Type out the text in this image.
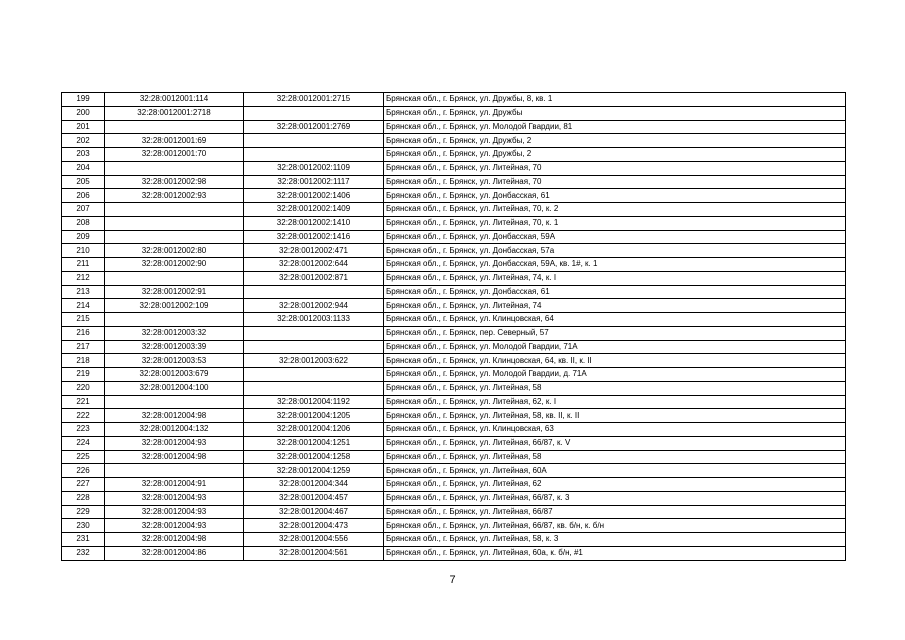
199	32:28:0012001:114	32:28:0012001:2715	Брянская обл., г. Брянск, ул. Дружбы, 8, кв. 1
200	32:28:0012001:2718		Брянская обл., г. Брянск, ул. Дружбы
201		32:28:0012001:2769	Брянская обл., г. Брянск, ул. Молодой Гвардии, 81
202	32:28:0012001:69		Брянская обл., г. Брянск, ул. Дружбы, 2
203	32:28:0012001:70		Брянская обл., г. Брянск, ул. Дружбы, 2
204		32:28:0012002:1109	Брянская обл., г. Брянск, ул. Литейная, 70
205	32:28:0012002:98	32:28:0012002:1117	Брянская обл., г. Брянск, ул. Литейная, 70
206	32:28:0012002:93	32:28:0012002:1406	Брянская обл., г. Брянск, ул. Донбасская, 61
207		32:28:0012002:1409	Брянская обл., г. Брянск, ул. Литейная, 70, к. 2
208		32:28:0012002:1410	Брянская обл., г. Брянск, ул. Литейная, 70, к. 1
209		32:28:0012002:1416	Брянская обл., г. Брянск, ул. Донбасская, 59А
210	32:28:0012002:80	32:28:0012002:471	Брянская обл., г. Брянск, ул. Донбасская, 57а
211	32:28:0012002:90	32:28:0012002:644	Брянская обл., г. Брянск, ул. Донбасская, 59А, кв. 1#, к. 1
212		32:28:0012002:871	Брянская обл., г. Брянск, ул. Литейная, 74, к. I
213	32:28:0012002:91		Брянская обл., г. Брянск, ул. Донбасская, 61
214	32:28:0012002:109	32:28:0012002:944	Брянская обл., г. Брянск, ул. Литейная, 74
215		32:28:0012003:1133	Брянская обл., г. Брянск, ул. Клинцовская, 64
216	32:28:0012003:32		Брянская обл., г. Брянск, пер. Северный, 57
217	32:28:0012003:39		Брянская обл., г. Брянск, ул. Молодой Гвардии, 71А
218	32:28:0012003:53	32:28:0012003:622	Брянская обл., г. Брянск, ул. Клинцовская, 64, кв. II, к. II
219	32:28:0012003:679		Брянская обл., г. Брянск, ул. Молодой Гвардии, д. 71А
220	32:28:0012004:100		Брянская обл., г. Брянск, ул. Литейная, 58
221		32:28:0012004:1192	Брянская обл., г. Брянск, ул. Литейная, 62, к. I
222	32:28:0012004:98	32:28:0012004:1205	Брянская обл., г. Брянск, ул. Литейная, 58, кв. II, к. II
223	32:28:0012004:132	32:28:0012004:1206	Брянская обл., г. Брянск, ул. Клинцовская, 63
224	32:28:0012004:93	32:28:0012004:1251	Брянская обл., г. Брянск, ул. Литейная, 66/87, к. V
225	32:28:0012004:98	32:28:0012004:1258	Брянская обл., г. Брянск, ул. Литейная, 58
226		32:28:0012004:1259	Брянская обл., г. Брянск, ул. Литейная, 60А
227	32:28:0012004:91	32:28:0012004:344	Брянская обл., г. Брянск, ул. Литейная, 62
228	32:28:0012004:93	32:28:0012004:457	Брянская обл., г. Брянск, ул. Литейная, 66/87, к. 3
229	32:28:0012004:93	32:28:0012004:467	Брянская обл., г. Брянск, ул. Литейная, 66/87
230	32:28:0012004:93	32:28:0012004:473	Брянская обл., г. Брянск, ул. Литейная, 66/87, кв. б/н, к. б/н
231	32:28:0012004:98	32:28:0012004:556	Брянская обл., г. Брянск, ул. Литейная, 58, к. 3
232	32:28:0012004:86	32:28:0012004:561	Брянская обл., г. Брянск, ул. Литейная, 60а, к. б/н, #1
7
